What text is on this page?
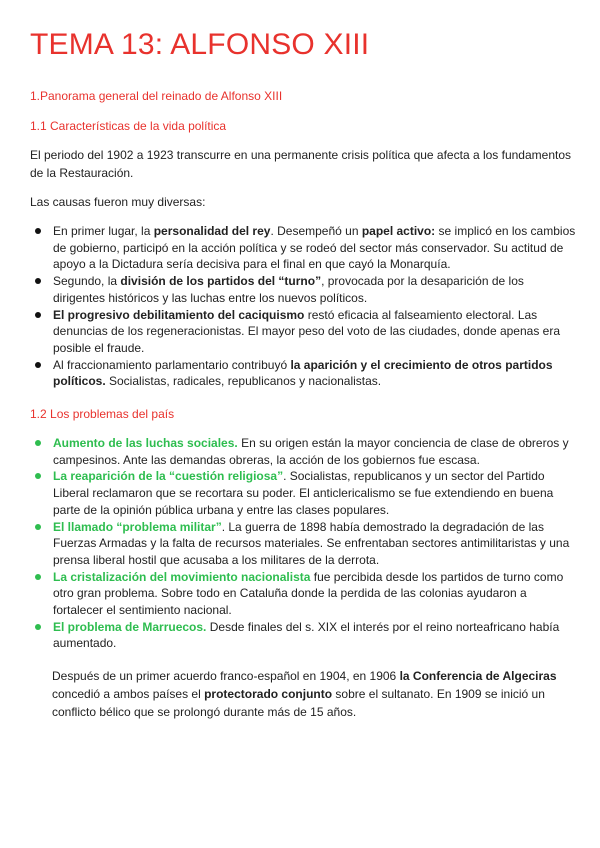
TEMA 13: ALFONSO XIII
1.Panorama general del reinado de Alfonso XIII
1.1 Características de la vida política

El periodo del 1902 a 1923 transcurre en una permanente crisis política que afecta a los fundamentos de la Restauración.

Las causas fueron muy diversas:

En primer lugar, la personalidad del rey. Desempeñó un papel activo: se implicó en los cambios de gobierno, participó en la acción política y se rodeó del sector más conservador. Su actitud de apoyo a la Dictadura sería decisiva para el final en que cayó la Monarquía.
Segundo, la división de los partidos del “turno”, provocada por la desaparición de los dirigentes históricos y las luchas entre los nuevos políticos.
El progresivo debilitamiento del caciquismo restó eficacia al falseamiento electoral. Las denuncias de los regeneracionistas. El mayor peso del voto de las ciudades, donde apenas era posible el fraude.
Al fraccionamiento parlamentario contribuyó la aparición y el crecimiento de otros partidos políticos. Socialistas, radicales, republicanos y nacionalistas.
1.2 Los problemas del país
Aumento de las luchas sociales. En su origen están la mayor conciencia de clase de obreros y campesinos. Ante las demandas obreras, la acción de los gobiernos fue escasa.
La reaparición de la “cuestión religiosa”. Socialistas, republicanos y un sector del Partido Liberal reclamaron que se recortara su poder. El anticlericalismo se fue extendiendo en buena parte de la opinión pública urbana y entre las clases populares.
El llamado “problema militar”. La guerra de 1898 había demostrado la degradación de las Fuerzas Armadas y la falta de recursos materiales. Se enfrentaban sectores antimilitaristas y una prensa liberal hostil que acusaba a los militares de la derrota.
La cristalización del movimiento nacionalista fue percibida desde los partidos de turno como otro gran problema. Sobre todo en Cataluña donde la perdida de las colonias ayudaron a fortalecer el sentimiento nacional.
El problema de Marruecos. Desde finales del s. XIX el interés por el reino norteafricano había aumentado.

Después de un primer acuerdo franco-español en 1904, en 1906 la Conferencia de Algeciras concedió a ambos países el protectorado conjunto sobre el sultanato. En 1909 se inició un conflicto bélico que se prolongó durante más de 15 años.
